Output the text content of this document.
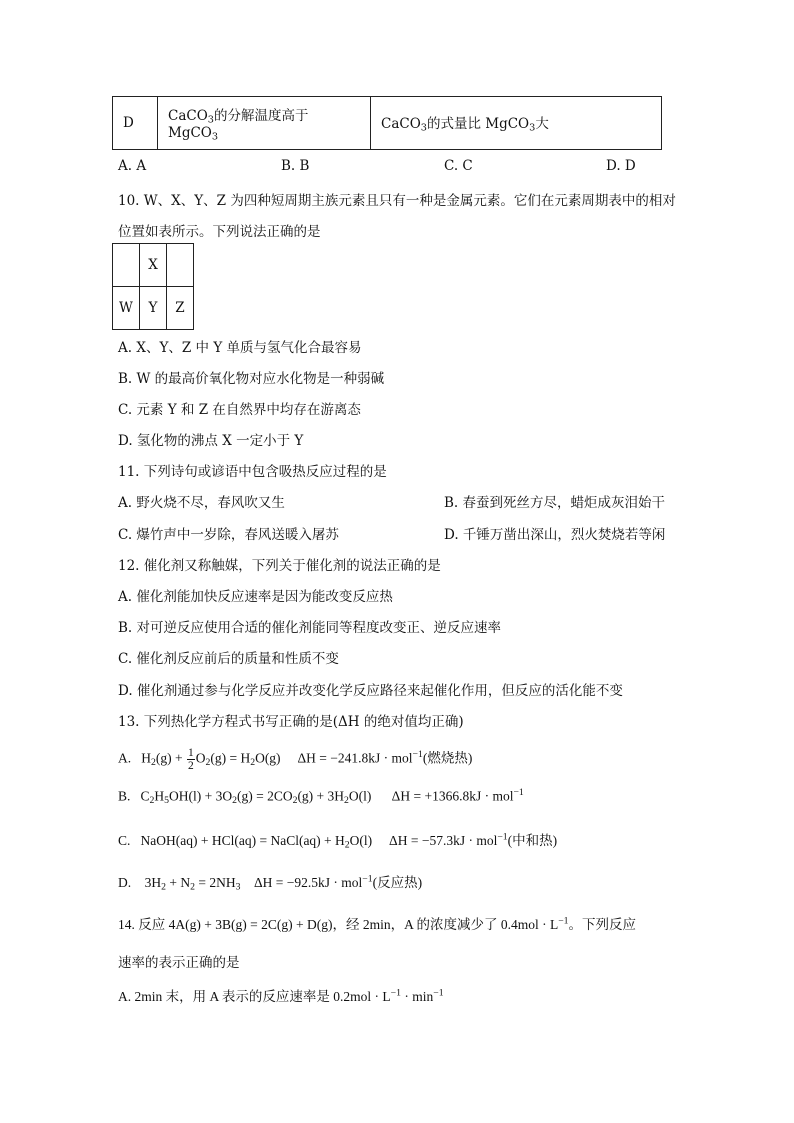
D	CaCO$_3$的分解温度高于 MgCO$_3$	CaCO$_3$的式量比 MgCO$_3$大
A. A	B. B	C. C	D. D
10. W、X、Y、Z 为四种短周期主族元素且只有一种是金属元素。它们在元素周期表中的相对
位置如表所示。下列说法正确的是
	X	
W	Y	Z
A. X、Y、Z 中 Y 单质与氢气化合最容易
B. W 的最高价氧化物对应水化物是一种弱碱
C. 元素 Y 和 Z 在自然界中均存在游离态
D. 氢化物的沸点 X 一定小于 Y
11. 下列诗句或谚语中包含吸热反应过程的是
A. 野火烧不尽，春风吹又生	B. 春蚕到死丝方尽，蜡炬成灰泪始干
C. 爆竹声中一岁除，春风送暖入屠苏	D. 千锤万凿出深山，烈火焚烧若等闲
12. 催化剂又称触媒，下列关于催化剂的说法正确的是
A. 催化剂能加快反应速率是因为能改变反应热
B. 对可逆反应使用合适的催化剂能同等程度改变正、逆反应速率
C. 催化剂反应前后的质量和性质不变
D. 催化剂通过参与化学反应并改变化学反应路径来起催化作用，但反应的活化能不变
13. 下列热化学方程式书写正确的是(ΔH 的绝对值均正确)
A. $H_2(g) + \frac{1}{2} O_2(g) = H_2O(g) \Delta H = -241.8kJ \cdot mol^{-1}$(燃烧热)
B. $C_2H_5OH(l) + 3O_2(g) = 2CO_2(g) + 3H_2O(l) \Delta H = +1366.8kJ \cdot mol^{-1}$
C. NaOH(aq) + HCl(aq) = NaCl(aq) + $H_2O(l) \Delta H = -57.3kJ \cdot mol^{-1}$(中和热)
D. $3H_2 + N_2 = 2NH_3$ ΔH = −92.5kJ · mol$^{-1}$(反应热)
14. 反应 4A(g) + 3B(g) = 2C(g) + D(g)，经 2min，A 的浓度减少了 $0.4mol \cdot L^{-1}$。下列反应
速率的表示正确的是
A. 2min 末，用 A 表示的反应速率是 $0.2mol \cdot L^{-1} \cdot \min^{-1}$
